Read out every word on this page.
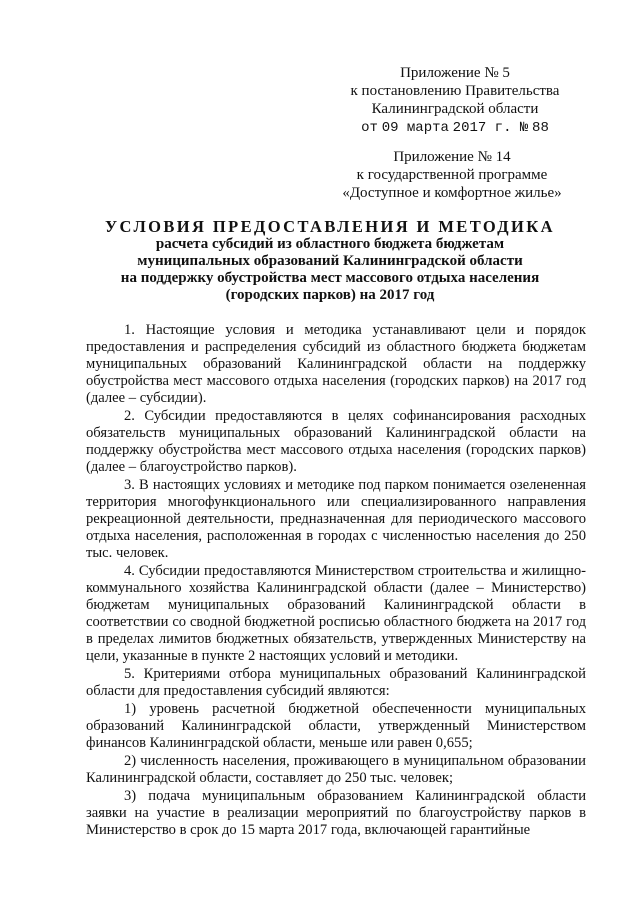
Приложение № 5
к постановлению Правительства
Калининградской области
от 09 марта 2017 г. № 88
Приложение № 14
к государственной программе
«Доступное и комфортное жилье»
УСЛОВИЯ ПРЕДОСТАВЛЕНИЯ И МЕТОДИКА
расчета субсидий из областного бюджета бюджетам
муниципальных образований Калининградской области
на поддержку обустройства мест массового отдыха населения
(городских парков) на 2017 год

1. Настоящие условия и методика устанавливают цели и порядок предоставления и распределения субсидий из областного бюджета бюджетам муниципальных образований Калининградской области на поддержку обустройства мест массового отдыха населения (городских парков) на 2017 год (далее – субсидии).

2. Субсидии предоставляются в целях софинансирования расходных обязательств муниципальных образований Калининградской области на поддержку обустройства мест массового отдыха населения (городских парков) (далее – благоустройство парков).

3. В настоящих условиях и методике под парком понимается озелененная территория многофункционального или специализированного направления рекреационной деятельности, предназначенная для периодического массового отдыха населения, расположенная в городах с численностью населения до 250 тыс. человек.

4. Субсидии предоставляются Министерством строительства и жилищно-коммунального хозяйства Калининградской области (далее – Министерство) бюджетам муниципальных образований Калининградской области в соответствии со сводной бюджетной росписью областного бюджета на 2017 год в пределах лимитов бюджетных обязательств, утвержденных Министерству на цели, указанные в пункте 2 настоящих условий и методики.

5. Критериями отбора муниципальных образований Калининградской области для предоставления субсидий являются:

1) уровень расчетной бюджетной обеспеченности муниципальных образований Калининградской области, утвержденный Министерством финансов Калининградской области, меньше или равен 0,655;

2) численность населения, проживающего в муниципальном образовании Калининградской области, составляет до 250 тыс. человек;

3) подача муниципальным образованием Калининградской области заявки на участие в реализации мероприятий по благоустройству парков в Министерство в срок до 15 марта 2017 года, включающей гарантийные
